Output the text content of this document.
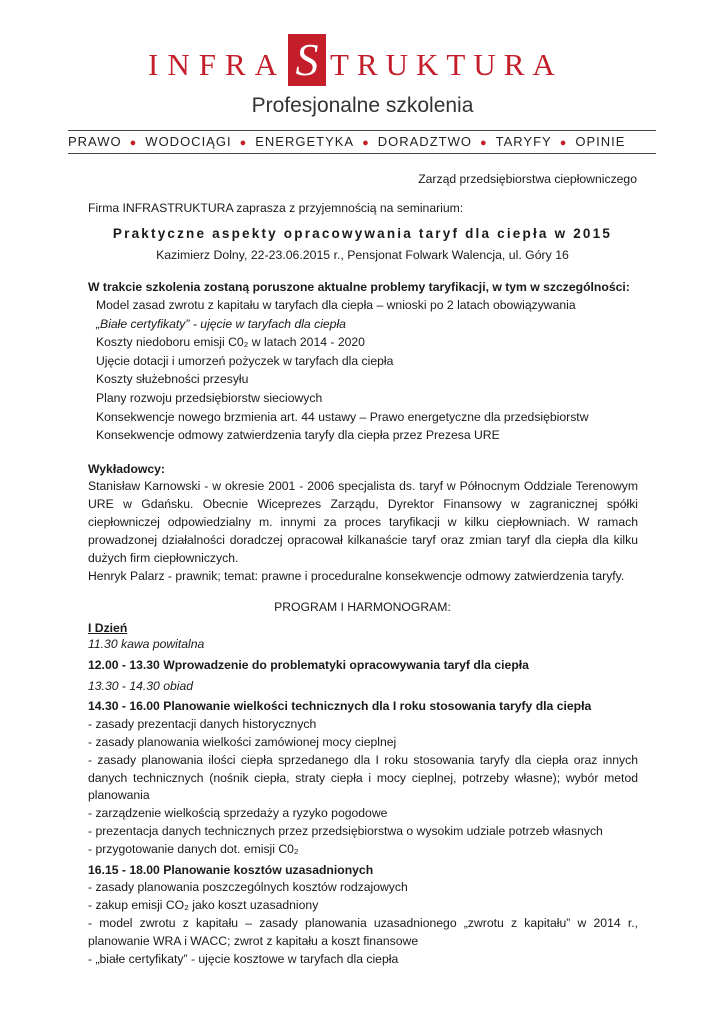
INFRA S TRUKTURA
Profesjonalne szkolenia
PRAWO ● WODOCIĄGI ● ENERGETYKA ● DORADZTWO ● TARYFY ● OPINIE
Zarząd przedsiębiorstwa ciepłowniczego
Firma INFRASTRUKTURA zaprasza z przyjemnością na seminarium:
Praktyczne aspekty opracowywania taryf dla ciepła w 2015
Kazimierz Dolny, 22-23.06.2015 r., Pensjonat Folwark Walencja, ul. Góry 16
W trakcie szkolenia zostaną poruszone aktualne problemy taryfikacji, w tym w szczególności:
Model zasad zwrotu z kapitału w taryfach dla ciepła – wnioski po 2 latach obowiązywania
„Białe certyfikaty” - ujęcie w taryfach dla ciepła
Koszty niedoboru emisji C0₂ w latach 2014 - 2020
Ujęcie dotacji i umorzeń pożyczek w taryfach dla ciepła
Koszty służebności przesyłu
Plany rozwoju przedsiębiorstw sieciowych
Konsekwencje nowego brzmienia art. 44 ustawy – Prawo energetyczne dla przedsiębiorstw
Konsekwencje odmowy zatwierdzenia taryfy dla ciepła przez Prezesa URE
Wykładowcy:
Stanisław Karnowski - w okresie 2001 - 2006 specjalista ds. taryf w Północnym Oddziale Terenowym URE w Gdańsku. Obecnie Wiceprezes Zarządu, Dyrektor Finansowy w zagranicznej spółki ciepłowniczej odpowiedzialny m. innymi za proces taryfikacji w kilku ciepłowniach. W ramach prowadzonej działalności doradczej opracował kilkanaście taryf oraz zmian taryf dla ciepła dla kilku dużych firm ciepłowniczych.
Henryk Palarz - prawnik; temat: prawne i proceduralne konsekwencje odmowy zatwierdzenia taryfy.
PROGRAM I HARMONOGRAM:
I Dzień
11.30 kawa powitalna
12.00 - 13.30 Wprowadzenie do problematyki opracowywania taryf dla ciepła
13.30 - 14.30 obiad
14.30 - 16.00 Planowanie wielkości technicznych dla I roku stosowania taryfy dla ciepła
- zasady prezentacji danych historycznych
- zasady planowania wielkości zamówionej mocy cieplnej
- zasady planowania ilości ciepła sprzedanego dla I roku stosowania taryfy dla ciepła oraz innych danych technicznych (nośnik ciepła, straty ciepła i mocy cieplnej, potrzeby własne); wybór metod planowania
- zarządzenie wielkością sprzedaży a ryzyko pogodowe
- prezentacja danych technicznych przez przedsiębiorstwa o wysokim udziale potrzeb własnych
- przygotowanie danych dot. emisji C0₂
16.15 - 18.00 Planowanie kosztów uzasadnionych
- zasady planowania poszczególnych kosztów rodzajowych
- zakup emisji CO₂ jako koszt uzasadniony
- model zwrotu z kapitału – zasady planowania uzasadnionego „zwrotu z kapitału” w 2014 r., planowanie WRA i WACC; zwrot z kapitału a koszt finansowe
- „białe certyfikaty” - ujęcie kosztowe w taryfach dla ciepła
